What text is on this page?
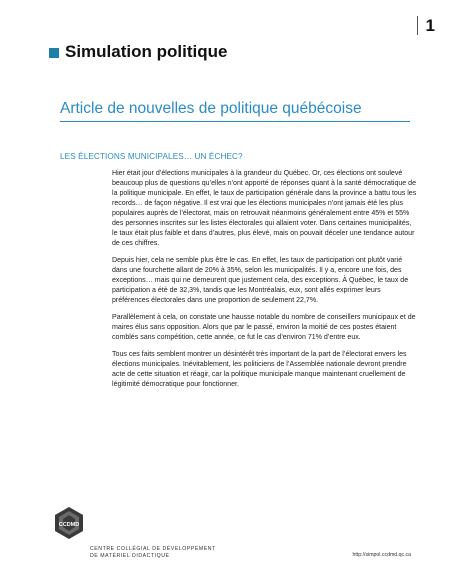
1
Simulation politique
Article de nouvelles de politique québécoise
LES ÉLECTIONS MUNICIPALES… UN ÉCHEC?

Hier était jour d’élections municipales à la grandeur du Québec. Or, ces élections ont soulevé beaucoup plus de questions qu’elles n’ont apporté de réponses quant à la santé démocratique de la politique municipale. En effet, le taux de participation générale dans la province a battu tous les records… de façon négative. Il est vrai que les élections municipales n’ont jamais été les plus populaires auprès de l’électorat, mais on retrouvait néanmoins généralement entre 45% et 55% des personnes inscrites sur les listes électorales qui allaient voter. Dans certaines municipalités, le taux était plus faible et dans d’autres, plus élevé, mais on pouvait déceler une tendance autour de ces chiffres.

Depuis hier, cela ne semble plus être le cas. En effet, les taux de participation ont plutôt varié dans une fourchette allant de 20% à 35%, selon les municipalités. Il y a, encore une fois, des exceptions… mais qui ne demeurent que justement cela, des exceptions. À Québec, le taux de participation a été de 32,3%, tandis que les Montréalais, eux, sont allés exprimer leurs préférences électorales dans une proportion de seulement 22,7%.

Parallèlement à cela, on constate une hausse notable du nombre de conseillers municipaux et de maires élus sans opposition. Alors que par le passé, environ la moitié de ces postes étaient comblés sans compétition, cette année, ce fut le cas d’environ 71% d’entre eux.

Tous ces faits semblent montrer un désintérêt très important de la part de l’électorat envers les élections municipales. Inévitablement, les politiciens de l’Assemblée nationale devront prendre acte de cette situation et réagir, car la politique municipale manque maintenant cruellement de légitimité démocratique pour fonctionner.

CCDMD
CENTRE COLLÉGIAL DE DÉVELOPPEMENT
DE MATÉRIEL DIDACTIQUE	http://simpol.ccdmd.qc.ca
